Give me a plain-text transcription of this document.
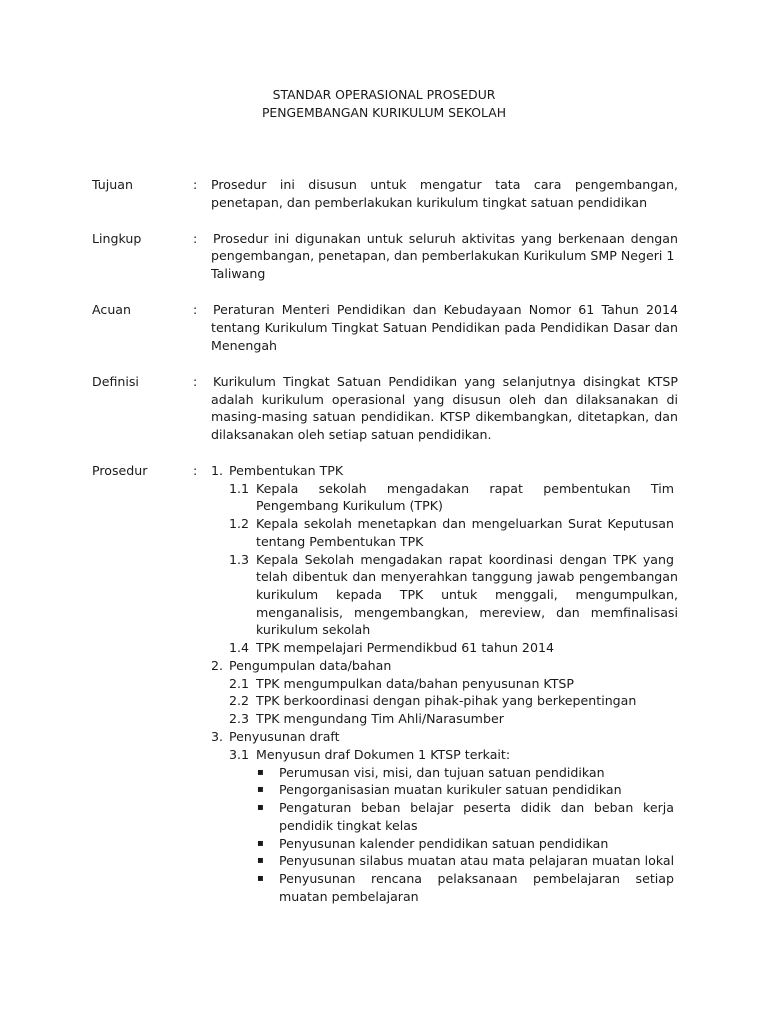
STANDAR OPERASIONAL PROSEDUR
PENGEMBANGAN KURIKULUM SEKOLAH
Tujuan	: Prosedur ini disusun untuk mengatur tata cara pengembangan,
penetapan, dan pemberlakukan kurikulum tingkat satuan pendidikan
Lingkup	: Prosedur ini digunakan untuk seluruh aktivitas yang berkenaan dengan
pengembangan, penetapan, dan pemberlakukan Kurikulum SMP Negeri 1
Taliwang
Acuan	: Peraturan Menteri Pendidikan dan Kebudayaan Nomor 61 Tahun 2014
tentang Kurikulum Tingkat Satuan Pendidikan pada Pendidikan Dasar dan
Menengah
Definisi	: Kurikulum Tingkat Satuan Pendidikan yang selanjutnya disingkat KTSP
adalah kurikulum operasional yang disusun oleh dan dilaksanakan di
masing-masing satuan pendidikan. KTSP dikembangkan, ditetapkan, dan
dilaksanakan oleh setiap satuan pendidikan.
Prosedur	: 1. Pembentukan TPK
1.1 Kepala sekolah mengadakan rapat pembentukan Tim
Pengembang Kurikulum (TPK)
1.2 Kepala sekolah menetapkan dan mengeluarkan Surat Keputusan
tentang Pembentukan TPK
1.3 Kepala Sekolah mengadakan rapat koordinasi dengan TPK yang
telah dibentuk dan menyerahkan tanggung jawab pengembangan
kurikulum kepada TPK untuk menggali, mengumpulkan,
menganalisis, mengembangkan, mereview, dan memfinalisasi
kurikulum sekolah
1.4 TPK mempelajari Permendikbud 61 tahun 2014
2. Pengumpulan data/bahan
2.1 TPK mengumpulkan data/bahan penyusunan KTSP
2.2 TPK berkoordinasi dengan pihak-pihak yang berkepentingan
2.3 TPK mengundang Tim Ahli/Narasumber
3. Penyusunan draft
3.1 Menyusun draf Dokumen 1 KTSP terkait:
▪ Perumusan visi, misi, dan tujuan satuan pendidikan
▪ Pengorganisasian muatan kurikuler satuan pendidikan
▪ Pengaturan beban belajar peserta didik dan beban kerja
pendidik tingkat kelas
▪ Penyusunan kalender pendidikan satuan pendidikan
▪ Penyusunan silabus muatan atau mata pelajaran muatan lokal
▪ Penyusunan rencana pelaksanaan pembelajaran setiap
muatan pembelajaran
